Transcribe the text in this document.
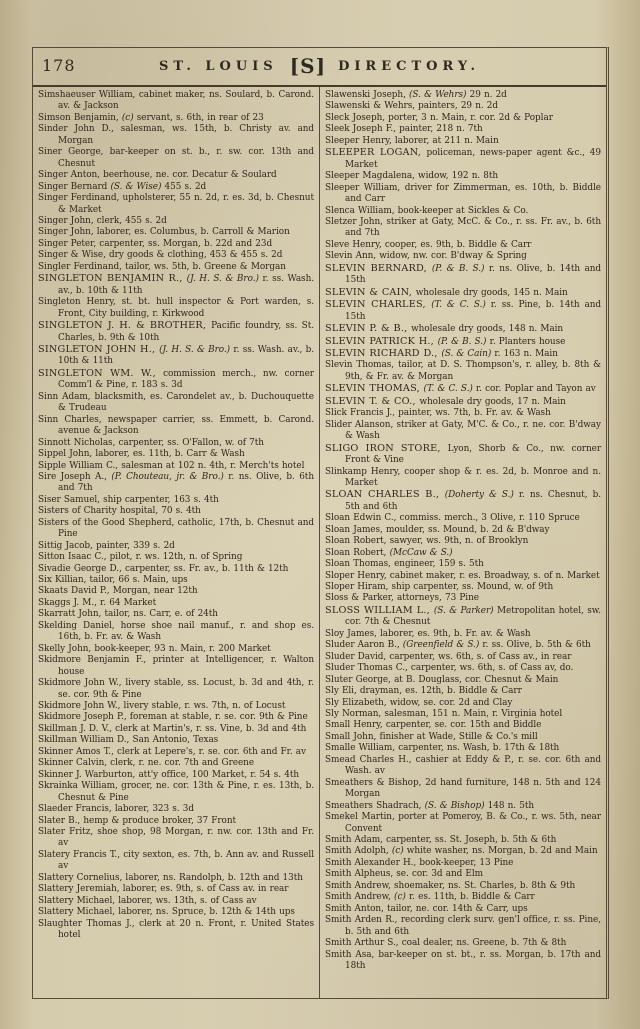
178	ST. LOUIS [S] DIRECTORY.
Simshaeuser William, cabinet maker, ns. Soulard, b. Carond. av. & Jackson
Simson Benjamin, (c) servant, s. 6th, in rear of 23
Sinder John D., salesman, ws. 15th, b. Christy av. and Morgan
Siner George, bar-keeper on st. b., r. sw. cor. 13th and Chesnut
Singer Anton, beerhouse, ne. cor. Decatur & Soulard
Singer Bernard (S. & Wise) 455 s. 2d
Singer Ferdinand, upholsterer, 55 n. 2d, r. es. 3d, b. Chesnut & Market
Singer John, clerk, 455 s. 2d
Singer John, laborer, es. Columbus, b. Carroll & Marion
Singer Peter, carpenter, ss. Morgan, b. 22d and 23d
Singer & Wise, dry goods & clothing, 453 & 455 s. 2d
Singler Ferdinand, tailor, ws. 5th, b. Greene & Morgan
SINGLETON BENJAMIN R., (J. H. S. & Bro.) r. ss. Wash. av., b. 10th & 11th
Singleton Henry, st. bt. hull inspector & Port warden, s. Front, City building, r. Kirkwood
SINGLETON J. H. & BROTHER, Pacific foundry, ss. St. Charles, b. 9th & 10th
SINGLETON JOHN H., (J. H. S. & Bro.) r. ss. Wash. av., b. 10th & 11th
SINGLETON WM. W., commission merch., nw. corner Comm'l & Pine, r. 183 s. 3d
Sinn Adam, blacksmith, es. Carondelet av., b. Duchouquette & Trudeau
Sinn Charles, newspaper carrier, ss. Emmett, b. Carond. avenue & Jackson
Sinnott Nicholas, carpenter, ss. O'Fallon, w. of 7th
Sippel John, laborer, es. 11th, b. Carr & Wash
Sipple William C., salesman at 102 n. 4th, r. Merch'ts hotel
Sire Joseph A., (P. Chouteau, jr. & Bro.) r. ns. Olive, b. 6th and 7th
Siser Samuel, ship carpenter, 163 s. 4th
Sisters of Charity hospital, 70 s. 4th
Sisters of the Good Shepherd, catholic, 17th, b. Chesnut and Pine
Sittig Jacob, painter, 339 s. 2d
Sitton Isaac C., pilot, r. ws. 12th, n. of Spring
Sivadie George D., carpenter, ss. Fr. av., b. 11th & 12th
Six Killian, tailor, 66 s. Main, ups
Skaats David P., Morgan, near 12th
Skaggs J. M., r. 64 Market
Skarratt John, tailor, ns. Carr, e. of 24th
Skelding Daniel, horse shoe nail manuf., r. and shop es. 16th, b. Fr. av. & Wash
Skelly John, book-keeper, 93 n. Main, r. 200 Market
Skidmore Benjamin F., printer at Intelligencer, r. Walton house
Skidmore John W., livery stable, ss. Locust, b. 3d and 4th, r. se. cor. 9th & Pine
Skidmore John W., livery stable, r. ws. 7th, n. of Locust
Skidmore Joseph P., foreman at stable, r. se. cor. 9th & Pine
Skillman J. D. V., clerk at Martin's, r. ss. Vine, b. 3d and 4th
Skillman William D., San Antonio, Texas
Skinner Amos T., clerk at Lepere's, r. se. cor. 6th and Fr. av
Skinner Calvin, clerk, r. ne. cor. 7th and Greene
Skinner J. Warburton, att'y office, 100 Market, r. 54 s. 4th
Skrainka William, grocer, ne. cor. 13th & Pine, r. es. 13th, b. Chesnut & Pine
Slaeder Francis, laborer, 323 s. 3d
Slater B., hemp & produce broker, 37 Front
Slater Fritz, shoe shop, 98 Morgan, r. nw. cor. 13th and Fr. av
Slatery Francis T., city sexton, es. 7th, b. Ann av. and Russell av
Slattery Cornelius, laborer, ns. Randolph, b. 12th and 13th
Slattery Jeremiah, laborer, es. 9th, s. of Cass av. in rear
Slattery Michael, laborer, ws. 13th, s. of Cass av
Slattery Michael, laborer, ns. Spruce, b. 12th & 14th ups
Slaughter Thomas J., clerk at 20 n. Front, r. United States hotel
Slawenski Joseph, (S. & Wehrs) 29 n. 2d
Slawenski & Wehrs, painters, 29 n. 2d
Sleck Joseph, porter, 3 n. Main, r. cor. 2d & Poplar
Sleek Joseph F., painter, 218 n. 7th
Sleeper Henry, laborer, at 211 n. Main
SLEEPER LOGAN, policeman, news-paper agent &c., 49 Market
Sleeper Magdalena, widow, 192 n. 8th
Sleeper William, driver for Zimmerman, es. 10th, b. Biddle and Carr
Slenca William, book-keeper at Sickles & Co.
Sletzer John, striker at Gaty, McC. & Co., r. ss. Fr. av., b. 6th and 7th
Sleve Henry, cooper, es. 9th, b. Biddle & Carr
Slevin Ann, widow, nw. cor. B'dway & Spring
SLEVIN BERNARD, (P. & B. S.) r. ns. Olive, b. 14th and 15th
SLEVIN & CAIN, wholesale dry goods, 145 n. Main
SLEVIN CHARLES, (T. & C. S.) r. ss. Pine, b. 14th and 15th
SLEVIN P. & B., wholesale dry goods, 148 n. Main
SLEVIN PATRICK H., (P. & B. S.) r. Planters house
SLEVIN RICHARD D., (S. & Cain) r. 163 n. Main
Slevin Thomas, tailor, at D. S. Thompson's, r. alley, b. 8th & 9th, & Fr. av. & Morgan
SLEVIN THOMAS, (T. & C. S.) r. cor. Poplar and Tayon av
SLEVIN T. & CO., wholesale dry goods, 17 n. Main
Slick Francis J., painter, ws. 7th, b. Fr. av. & Wash
Slider Alanson, striker at Gaty, M'C. & Co., r. ne. cor. B'dway & Wash
SLIGO IRON STORE, Lyon, Shorb & Co., nw. corner Front & Vine
Slinkamp Henry, cooper shop & r. es. 2d, b. Monroe and n. Market
SLOAN CHARLES B., (Doherty & S.) r. ns. Chesnut, b. 5th and 6th
Sloan Edwin C., commiss. merch., 3 Olive, r. 110 Spruce
Sloan James, moulder, ss. Mound, b. 2d & B'dway
Sloan Robert, sawyer, ws. 9th, n. of Brooklyn
Sloan Robert, (McCaw & S.)
Sloan Thomas, engineer, 159 s. 5th
Sloper Henry, cabinet maker, r. es. Broadway, s. of n. Market
Sloper Hiram, ship carpenter, ss. Mound, w. of 9th
Sloss & Parker, attorneys, 73 Pine
SLOSS WILLIAM L., (S. & Parker) Metropolitan hotel, sw. cor. 7th & Chesnut
Sloy James, laborer, es. 9th, b. Fr. av. & Wash
Sluder Aaron B., (Greenfield & S.) r. ss. Olive, b. 5th & 6th
Sluder David, carpenter, ws. 6th, s. of Cass av., in rear
Sluder Thomas C., carpenter, ws. 6th, s. of Cass av, do.
Sluter George, at B. Douglass, cor. Chesnut & Main
Sly Eli, drayman, es. 12th, b. Biddle & Carr
Sly Elizabeth, widow, se. cor. 2d and Clay
Sly Norman, salesman, 151 n. Main, r. Virginia hotel
Small Henry, carpenter, se. cor. 15th and Biddle
Small John, finisher at Wade, Stille & Co.'s mill
Smalle William, carpenter, ns. Wash, b. 17th & 18th
Smead Charles H., cashier at Eddy & P., r. se. cor. 6th and Wash. av
Smeathers & Bishop, 2d hand furniture, 148 n. 5th and 124 Morgan
Smeathers Shadrach, (S. & Bishop) 148 n. 5th
Smekel Martin, porter at Pomeroy, B. & Co., r. ws. 5th, near Convent
Smith Adam, carpenter, ss. St. Joseph, b. 5th & 6th
Smith Adolph, (c) white washer, ns. Morgan, b. 2d and Main
Smith Alexander H., book-keeper, 13 Pine
Smith Alpheus, se. cor. 3d and Elm
Smith Andrew, shoemaker, ns. St. Charles, b. 8th & 9th
Smith Andrew, (c) r. es. 11th, b. Biddle & Carr
Smith Anton, tailor, ne. cor. 14th & Carr, ups
Smith Arden R., recording clerk surv. gen'l office, r. ss. Pine, b. 5th and 6th
Smith Arthur S., coal dealer, ns. Greene, b. 7th & 8th
Smith Asa, bar-keeper on st. bt., r. ss. Morgan, b. 17th and 18th
